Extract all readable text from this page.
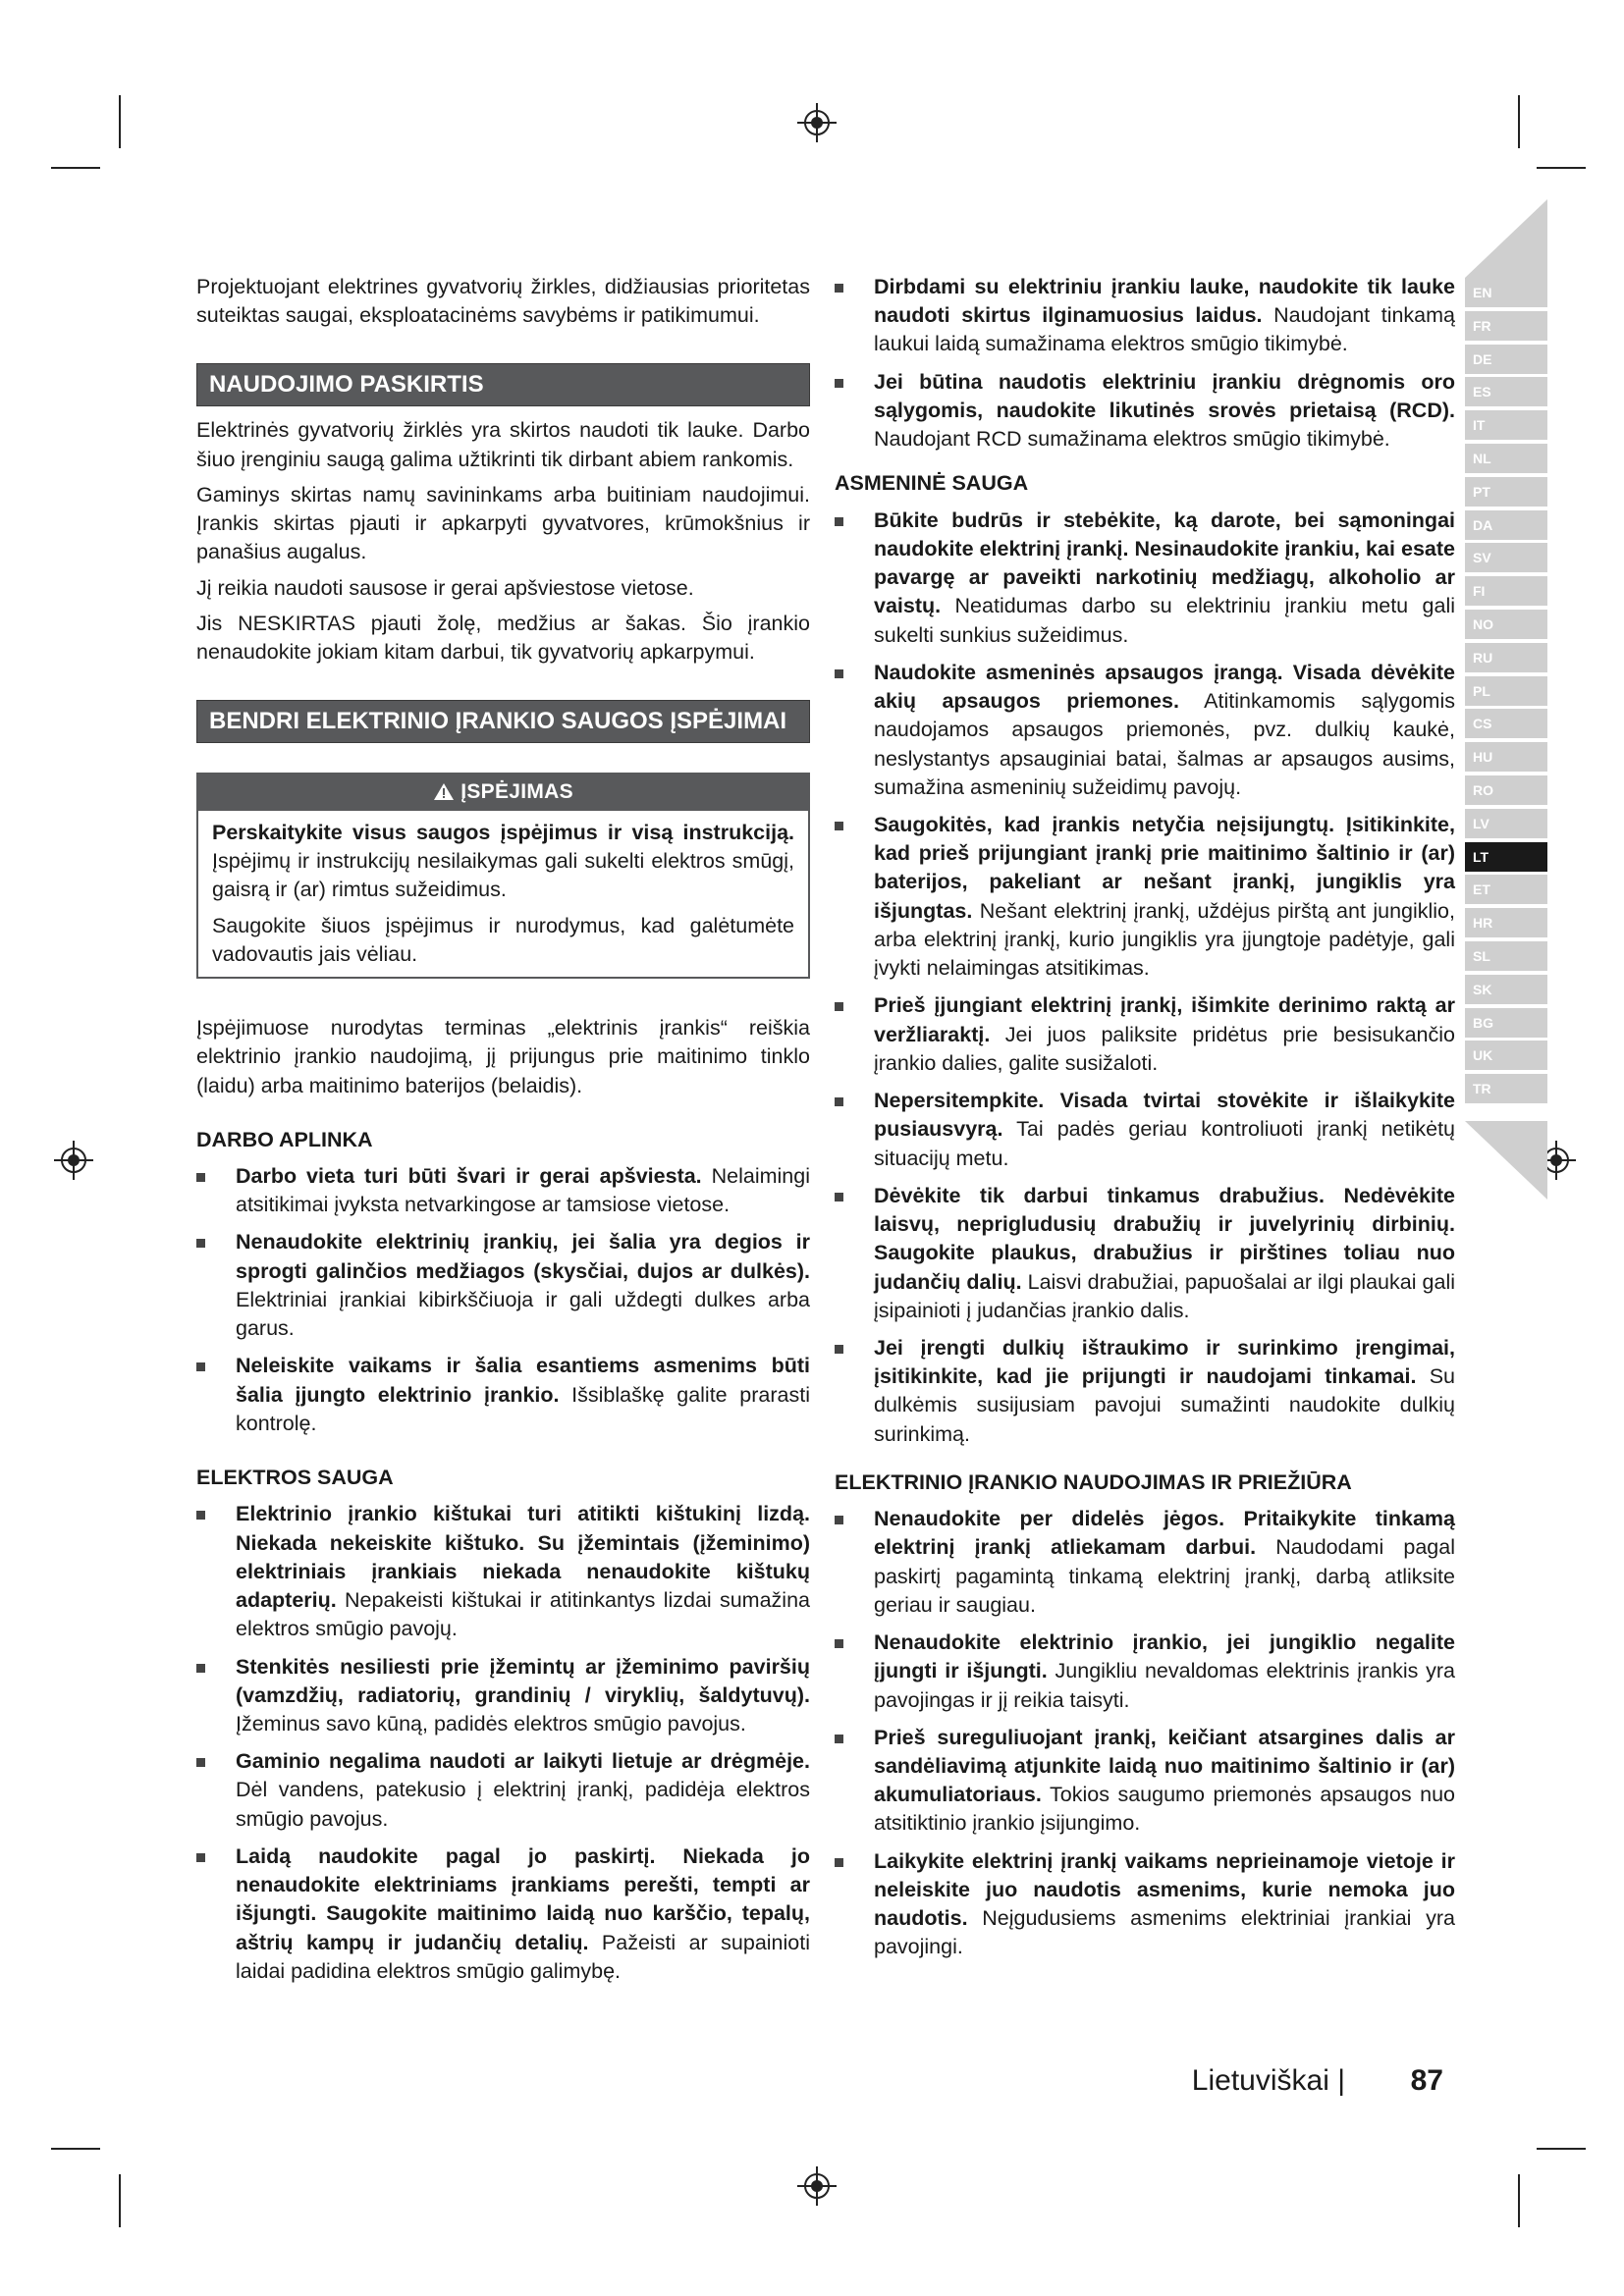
Projektuojant elektrines gyvatvorių žirkles, didžiausias prioritetas suteiktas saugai, eksploatacinėms savybėms ir patikimumui.

NAUDOJIMO PASKIRTIS

Elektrinės gyvatvorių žirklės yra skirtos naudoti tik lauke. Darbo šiuo įrenginiu saugą galima užtikrinti tik dirbant abiem rankomis.

Gaminys skirtas namų savininkams arba buitiniam naudojimui. Įrankis skirtas pjauti ir apkarpyti gyvatvores, krūmokšnius ir panašius augalus.

Jį reikia naudoti sausose ir gerai apšviestose vietose.

Jis NESKIRTAS pjauti žolę, medžius ar šakas. Šio įrankio nenaudokite jokiam kitam darbui, tik gyvatvorių apkarpymui.

BENDRI ELEKTRINIO ĮRANKIO SAUGOS ĮSPĖJIMAI
ĮSPĖJIMAS

Perskaitykite visus saugos įspėjimus ir visą instrukciją. Įspėjimų ir instrukcijų nesilaikymas gali sukelti elektros smūgį, gaisrą ir (ar) rimtus sužeidimus.

Saugokite šiuos įspėjimus ir nurodymus, kad galėtumėte vadovautis jais vėliau.

Įspėjimuose nurodytas terminas „elektrinis įrankis“ reiškia elektrinio įrankio naudojimą, jį prijungus prie maitinimo tinklo (laidu) arba maitinimo baterijos (belaidis).

DARBO APLINKA
Darbo vieta turi būti švari ir gerai apšviesta. Nelaimingi atsitikimai įvyksta netvarkingose ar tamsiose vietose.
Nenaudokite elektrinių įrankių, jei šalia yra degios ir sprogti galinčios medžiagos (skysčiai, dujos ar dulkės). Elektriniai įrankiai kibirkščiuoja ir gali uždegti dulkes arba garus.
Neleiskite vaikams ir šalia esantiems asmenims būti šalia įjungto elektrinio įrankio. Išsiblaškę galite prarasti kontrolę.
ELEKTROS SAUGA
Elektrinio įrankio kištukai turi atitikti kištukinį lizdą. Niekada nekeiskite kištuko. Su įžemintais (įžeminimo) elektriniais įrankiais niekada nenaudokite kištukų adapterių. Nepakeisti kištukai ir atitinkantys lizdai sumažina elektros smūgio pavojų.
Stenkitės nesiliesti prie įžemintų ar įžeminimo paviršių (vamzdžių, radiatorių, grandinių / viryklių, šaldytuvų). Įžeminus savo kūną, padidės elektros smūgio pavojus.
Gaminio negalima naudoti ar laikyti lietuje ar drėgmėje. Dėl vandens, patekusio į elektrinį įrankį, padidėja elektros smūgio pavojus.
Laidą naudokite pagal jo paskirtį. Niekada jo nenaudokite elektriniams įrankiams perešti, tempti ar išjungti. Saugokite maitinimo laidą nuo karščio, tepalų, aštrių kampų ir judančių detalių. Pažeisti ar supainioti laidai padidina elektros smūgio galimybę.
Dirbdami su elektriniu įrankiu lauke, naudokite tik lauke naudoti skirtus ilginamuosius laidus. Naudojant tinkamą laukui laidą sumažinama elektros smūgio tikimybė.
Jei būtina naudotis elektriniu įrankiu drėgnomis oro sąlygomis, naudokite likutinės srovės prietaisą (RCD). Naudojant RCD sumažinama elektros smūgio tikimybė.
ASMENINĖ SAUGA
Būkite budrūs ir stebėkite, ką darote, bei sąmoningai naudokite elektrinį įrankį. Nesinaudokite įrankiu, kai esate pavargę ar paveikti narkotinių medžiagų, alkoholio ar vaistų. Neatidumas darbo su elektriniu įrankiu metu gali sukelti sunkius sužeidimus.
Naudokite asmeninės apsaugos įrangą. Visada dėvėkite akių apsaugos priemones. Atitinkamomis sąlygomis naudojamos apsaugos priemonės, pvz. dulkių kaukė, neslystantys apsauginiai batai, šalmas ar apsaugos ausims, sumažina asmeninių sužeidimų pavojų.
Saugokitės, kad įrankis netyčia neįsijungtų. Įsitikinkite, kad prieš prijungiant įrankį prie maitinimo šaltinio ir (ar) baterijos, pakeliant ar nešant įrankį, jungiklis yra išjungtas. Nešant elektrinį įrankį, uždėjus pirštą ant jungiklio, arba elektrinį įrankį, kurio jungiklis yra įjungtoje padėtyje, gali įvykti nelaimingas atsitikimas.
Prieš įjungiant elektrinį įrankį, išimkite derinimo raktą ar veržliaraktį. Jei juos paliksite pridėtus prie besisukančio įrankio dalies, galite susižaloti.
Nepersitempkite. Visada tvirtai stovėkite ir išlaikykite pusiausvyrą. Tai padės geriau kontroliuoti įrankį netikėtų situacijų metu.
Dėvėkite tik darbui tinkamus drabužius. Nedėvėkite laisvų, neprigludusių drabužių ir juvelyrinių dirbinių. Saugokite plaukus, drabužius ir pirštines toliau nuo judančių dalių. Laisvi drabužiai, papuošalai ar ilgi plaukai gali įsipainioti į judančias įrankio dalis.
Jei įrengti dulkių ištraukimo ir surinkimo įrengimai, įsitikinkite, kad jie prijungti ir naudojami tinkamai. Su dulkėmis susijusiam pavojui sumažinti naudokite dulkių surinkimą.
ELEKTRINIO ĮRANKIO NAUDOJIMAS IR PRIEŽIŪRA
Nenaudokite per didelės jėgos. Pritaikykite tinkamą elektrinį įrankį atliekamam darbui. Naudodami pagal paskirtį pagamintą tinkamą elektrinį įrankį, darbą atliksite geriau ir saugiau.
Nenaudokite elektrinio įrankio, jei jungiklio negalite įjungti ir išjungti. Jungikliu nevaldomas elektrinis įrankis yra pavojingas ir jį reikia taisyti.
Prieš sureguliuojant įrankį, keičiant atsargines dalis ar sandėliavimą atjunkite laidą nuo maitinimo šaltinio ir (ar) akumuliatoriaus. Tokios saugumo priemonės apsaugos nuo atsitiktinio įrankio įsijungimo.
Laikykite elektrinį įrankį vaikams neprieinamoje vietoje ir neleiskite juo naudotis asmenims, kurie nemoka juo naudotis. Neįgudusiems asmenims elektriniai įrankiai yra pavojingi.
EN
FR
DE
ES
IT
NL
PT
DA
SV
FI
NO
RU
PL
CS
HU
RO
LV
LT
ET
HR
SL
SK
BG
UK
TR
Lietuviškai | 87
